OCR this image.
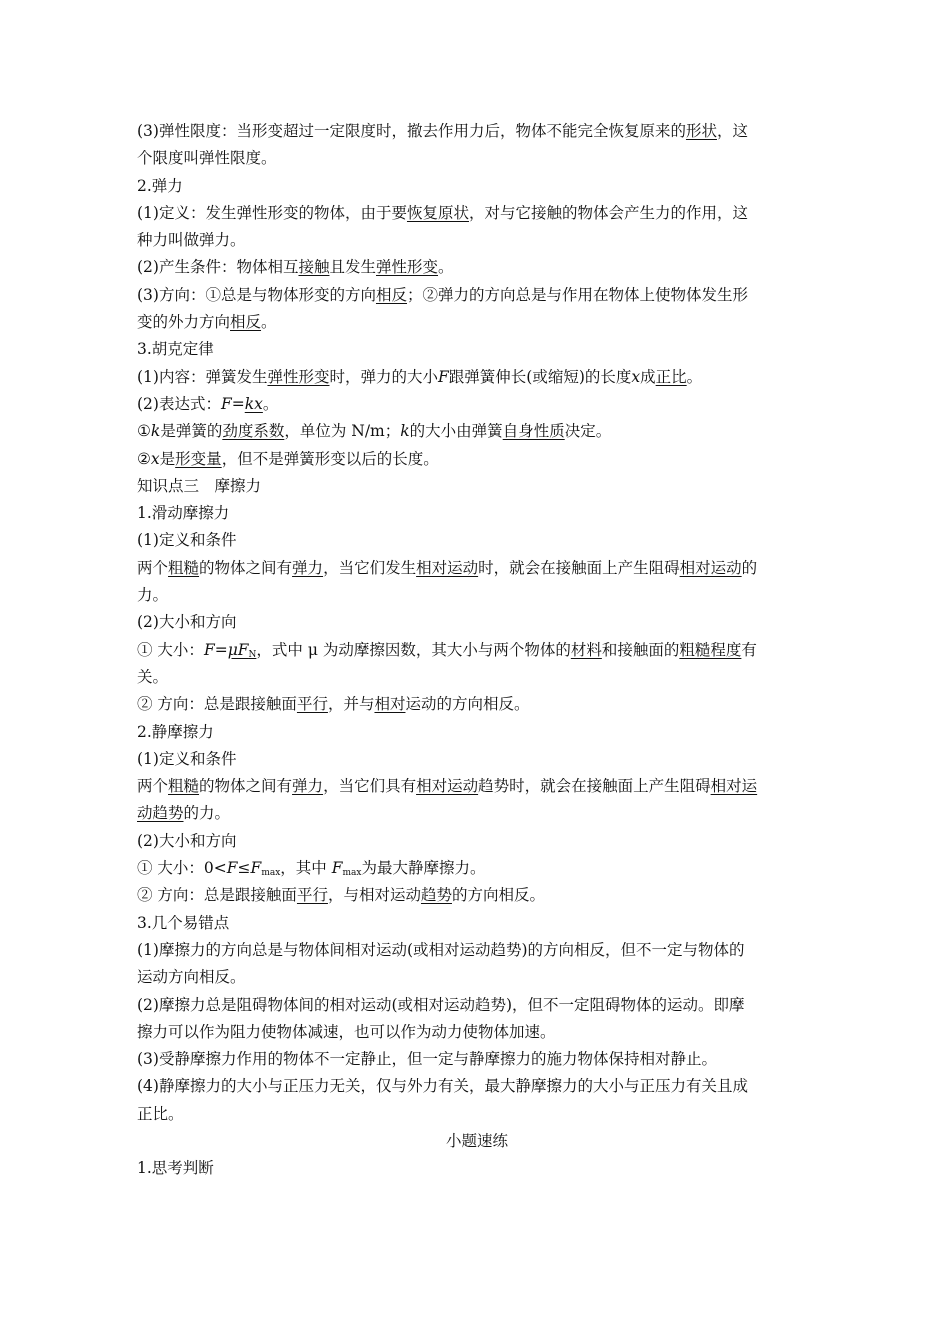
(3)弹性限度：当形变超过一定限度时，撤去作用力后，物体不能完全恢复原来的形状，这

个限度叫弹性限度。

2.弹力

(1)定义：发生弹性形变的物体，由于要恢复原状，对与它接触的物体会产生力的作用，这

种力叫做弹力。

(2)产生条件：物体相互接触且发生弹性形变。

(3)方向：①总是与物体形变的方向相反；②弹力的方向总是与作用在物体上使物体发生形

变的外力方向相反。

3.胡克定律

(1)内容：弹簧发生弹性形变时，弹力的大小F跟弹簧伸长(或缩短)的长度x成正比。

(2)表达式：F=kx。

①k是弹簧的劲度系数，单位为 N/m；k的大小由弹簧自身性质决定。

②x是形变量，但不是弹簧形变以后的长度。

知识点三　摩擦力

1.滑动摩擦力

(1)定义和条件

两个粗糙的物体之间有弹力，当它们发生相对运动时，就会在接触面上产生阻碍相对运动的

力。

(2)大小和方向

① 大小：$F=\mu F_N$，式中 μ 为动摩擦因数，其大小与两个物体的材料和接触面的粗糙程度有

关。

② 方向：总是跟接触面平行，并与相对运动的方向相反。

2.静摩擦力

(1)定义和条件

两个粗糙的物体之间有弹力，当它们具有相对运动趋势时，就会在接触面上产生阻碍相对运

动趋势的力。

(2)大小和方向

① 大小：$0<F\le F_{max}$，其中 $F_{max}$为最大静摩擦力。

② 方向：总是跟接触面平行，与相对运动趋势的方向相反。

3.几个易错点

(1)摩擦力的方向总是与物体间相对运动(或相对运动趋势)的方向相反，但不一定与物体的

运动方向相反。

(2)摩擦力总是阻碍物体间的相对运动(或相对运动趋势)，但不一定阻碍物体的运动。即摩

擦力可以作为阻力使物体减速，也可以作为动力使物体加速。

(3)受静摩擦力作用的物体不一定静止，但一定与静摩擦力的施力物体保持相对静止。

(4)静摩擦力的大小与正压力无关，仅与外力有关，最大静摩擦力的大小与正压力有关且成

正比。

小题速练

1.思考判断
